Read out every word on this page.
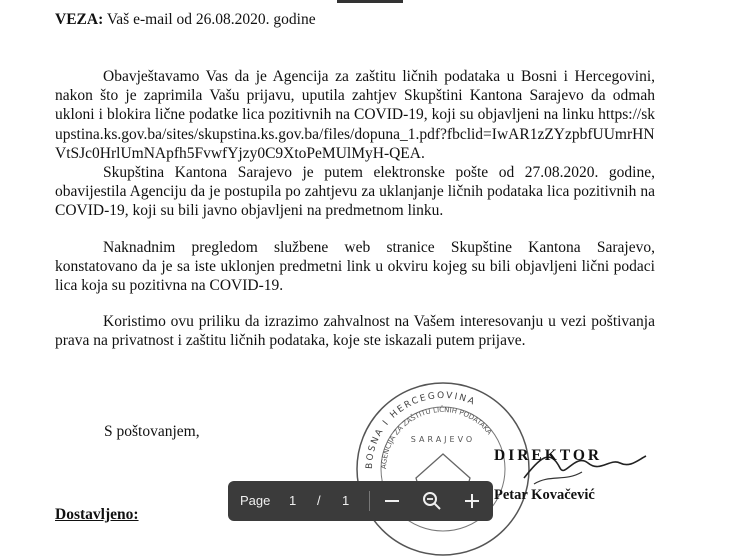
VEZA: Vaš e-mail od 26.08.2020. godine

Obavještavamo Vas da je Agencija za zaštitu ličnih podataka u Bosni i Hercegovini, nakon što je zaprimila Vašu prijavu, uputila zahtjev Skupštini Kantona Sarajevo da odmah ukloni i blokira lične podatke lica pozitivnih na COVID-19, koji su objavljeni na linku https://skupstina.ks.gov.ba/sites/skupstina.ks.gov.ba/files/dopuna_1.pdf?fbclid=IwAR1zZYzpbfUUmrHNVtSJc0HrlUmNApfh5FvwfYjzy0C9XtoPeMUlMyH-QEA.

Skupština Kantona Sarajevo je putem elektronske pošte od 27.08.2020. godine, obavijestila Agenciju da je postupila po zahtjevu za uklanjanje ličnih podataka lica pozitivnih na COVID-19, koji su bili javno objavljeni na predmetnom linku.

Naknadnim pregledom službene web stranice Skupštine Kantona Sarajevo, konstatovano da je sa iste uklonjen predmetni link u okviru kojeg su bili objavljeni lični podaci lica koja su pozitivna na COVID-19.

Koristimo ovu priliku da izrazimo zahvalnost na Vašem interesovanju u vezi poštivanja prava na privatnost i zaštitu ličnih podataka, koje ste iskazali putem prijave.

S poštovanjem,
BOSNA I HERCEGOVINA
AGENCIJA ZA ZAŠTITU LIČNIH PODATAKA
SARAJEVO
DIREKTOR
Petar Kovačević
Dostavljeno:
Page 1 / 1
